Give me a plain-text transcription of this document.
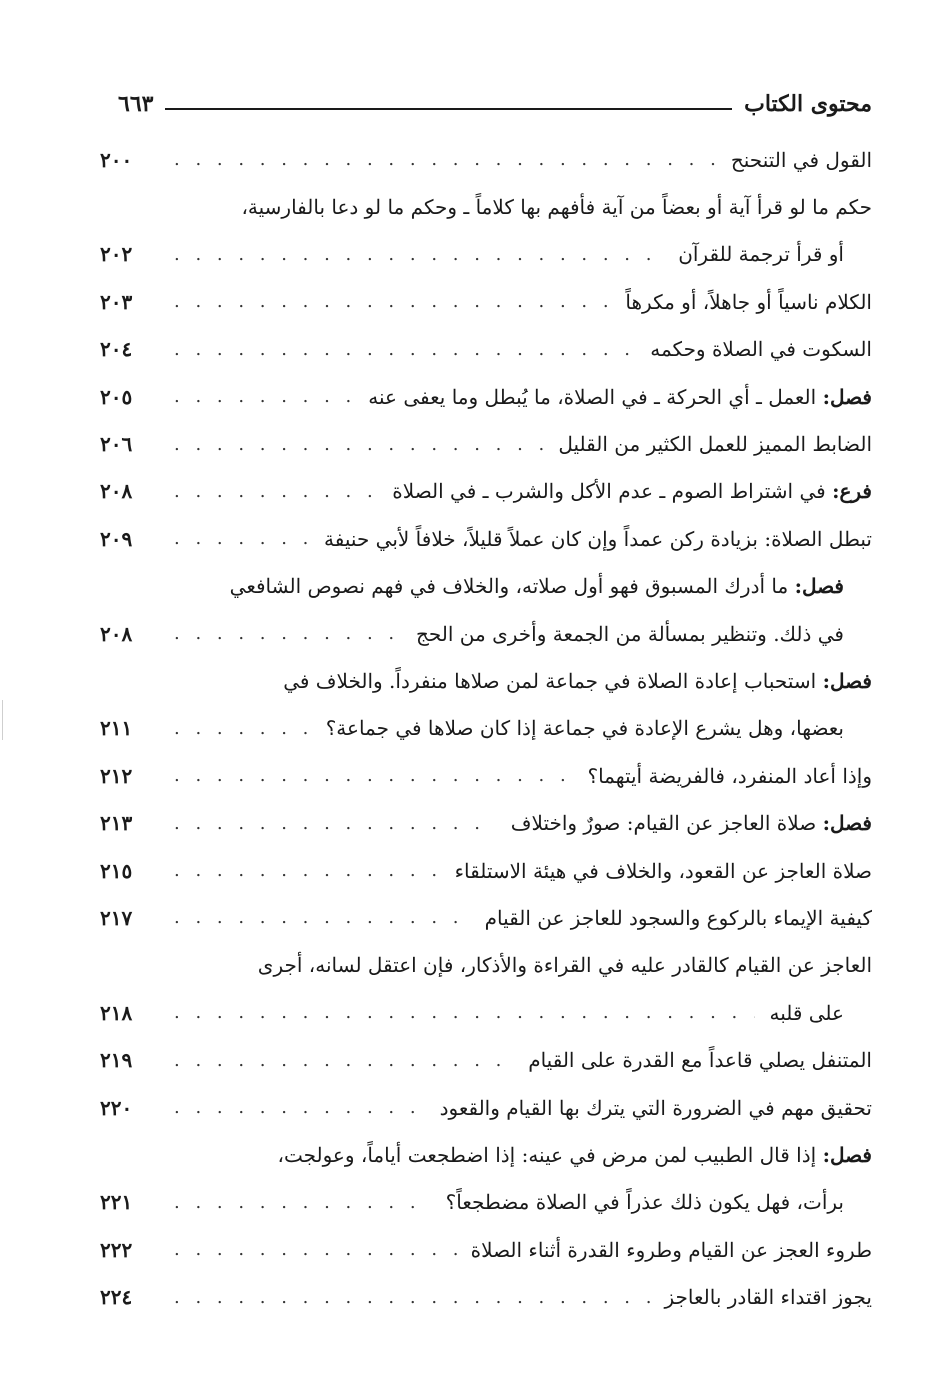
محتوى الكتاب
٦٦٣
القول في التنحنح
. . .
٢٠٠
حكم ما لو قرأ آية أو بعضاً من آية فأفهم بها كلاماً ـ وحكم ما لو دعا بالفارسية،
أو قرأ ترجمة للقرآن
. . .
٢٠٢
الكلام ناسياً أو جاهلاً، أو مكرهاً
. . .
٢٠٣
السكوت في الصلاة وحكمه
. . .
٢٠٤
فصل: العمل ـ أي الحركة ـ في الصلاة، ما يُبطل وما يعفى عنه
. . .
٢٠٥
الضابط المميز للعمل الكثير من القليل
. . .
٢٠٦
فرع: في اشتراط الصوم ـ عدم الأكل والشرب ـ في الصلاة
. . .
٢٠٨
تبطل الصلاة: بزيادة ركن عمداً وإن كان عملاً قليلاً، خلافاً لأبي حنيفة
. . .
٢٠٩
فصل: ما أدرك المسبوق فهو أول صلاته، والخلاف في فهم نصوص الشافعي
في ذلك. وتنظير بمسألة من الجمعة وأخرى من الحج
. . .
٢٠٨
فصل: استحباب إعادة الصلاة في جماعة لمن صلاها منفرداً. والخلاف في
بعضها، وهل يشرع الإعادة في جماعة إذا كان صلاها في جماعة؟
. . .
٢١١
وإذا أعاد المنفرد، فالفريضة أيتهما؟
. . .
٢١٢
فصل: صلاة العاجز عن القيام: صورٌ واختلاف
. . .
٢١٣
صلاة العاجز عن القعود، والخلاف في هيئة الاستلقاء
. . .
٢١٥
كيفية الإيماء بالركوع والسجود للعاجز عن القيام
. . .
٢١٧
العاجز عن القيام كالقادر عليه في القراءة والأذكار، فإن اعتقل لسانه، أجرى
على قلبه
. . .
٢١٨
المتنفل يصلي قاعداً مع القدرة على القيام
. . .
٢١٩
تحقيق مهم في الضرورة التي يترك بها القيام والقعود
. . .
٢٢٠
فصل: إذا قال الطبيب لمن مرض في عينه: إذا اضطجعت أياماً، وعولجت،
برأت، فهل يكون ذلك عذراً في الصلاة مضطجعاً؟
. . .
٢٢١
طروء العجز عن القيام وطروء القدرة أثناء الصلاة
. . .
٢٢٢
يجوز اقتداء القادر بالعاجز
. . .
٢٢٤
